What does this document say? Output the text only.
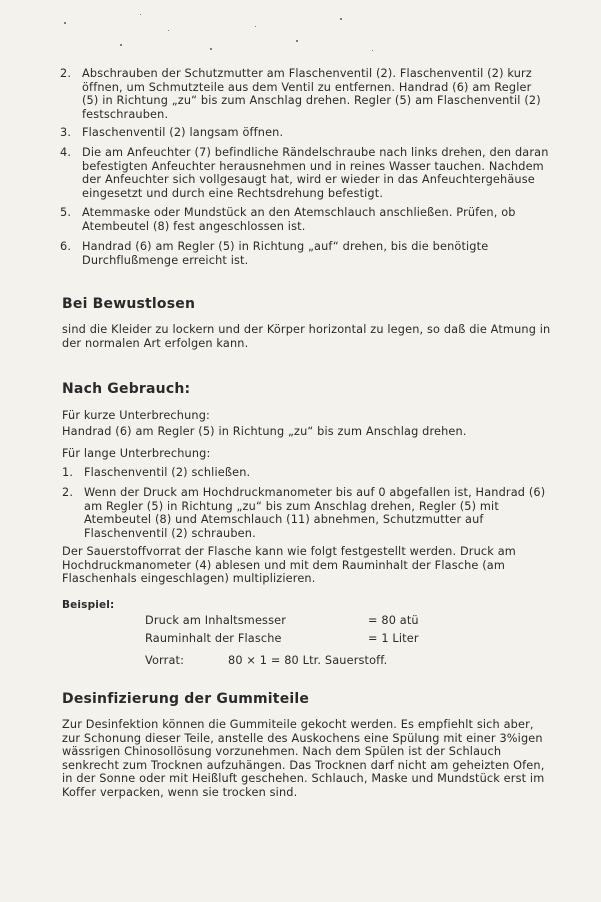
2. Abschrauben der Schutzmutter am Flaschenventil (2). Flaschenventil (2) kurz öffnen, um Schmutzteile aus dem Ventil zu entfernen. Handrad (6) am Regler (5) in Richtung „zu“ bis zum Anschlag drehen. Regler (5) am Flaschenventil (2) festschrauben.
3. Flaschenventil (2) langsam öffnen.
4. Die am Anfeuchter (7) befindliche Rändelschraube nach links drehen, den daran befestigten Anfeuchter herausnehmen und in reines Wasser tauchen. Nachdem der Anfeuchter sich vollgesaugt hat, wird er wieder in das Anfeuchtergehäuse eingesetzt und durch eine Rechtsdrehung befestigt.
5. Atemmaske oder Mundstück an den Atemschlauch anschließen. Prüfen, ob Atembeutel (8) fest angeschlossen ist.
6. Handrad (6) am Regler (5) in Richtung „auf“ drehen, bis die benötigte Durchflußmenge erreicht ist.
Bei Bewustlosen
sind die Kleider zu lockern und der Körper horizontal zu legen, so daß die Atmung in der normalen Art erfolgen kann.
Nach Gebrauch:
Für kurze Unterbrechung:
Handrad (6) am Regler (5) in Richtung „zu“ bis zum Anschlag drehen.
Für lange Unterbrechung:
1. Flaschenventil (2) schließen.
2. Wenn der Druck am Hochdruckmanometer bis auf 0 abgefallen ist, Handrad (6) am Regler (5) in Richtung „zu“ bis zum Anschlag drehen, Regler (5) mit Atembeutel (8) und Atemschlauch (11) abnehmen, Schutzmutter auf Flaschenventil (2) schrauben.
Der Sauerstoffvorrat der Flasche kann wie folgt festgestellt werden. Druck am Hochdruckmanometer (4) ablesen und mit dem Rauminhalt der Flasche (am Flaschenhals eingeschlagen) multiplizieren.
Beispiel:
Druck am Inhaltsmesser	= 80 atü
Rauminhalt der Flasche	= 1 Liter
Vorrat:	80 × 1 = 80 Ltr. Sauerstoff.
Desinfizierung der Gummiteile
Zur Desinfektion können die Gummiteile gekocht werden. Es empfiehlt sich aber, zur Schonung dieser Teile, anstelle des Auskochens eine Spülung mit einer 3%igen wässrigen Chinosollösung vorzunehmen. Nach dem Spülen ist der Schlauch senkrecht zum Trocknen aufzuhängen. Das Trocknen darf nicht am geheizten Ofen, in der Sonne oder mit Heißluft geschehen. Schlauch, Maske und Mundstück erst im Koffer verpacken, wenn sie trocken sind.
